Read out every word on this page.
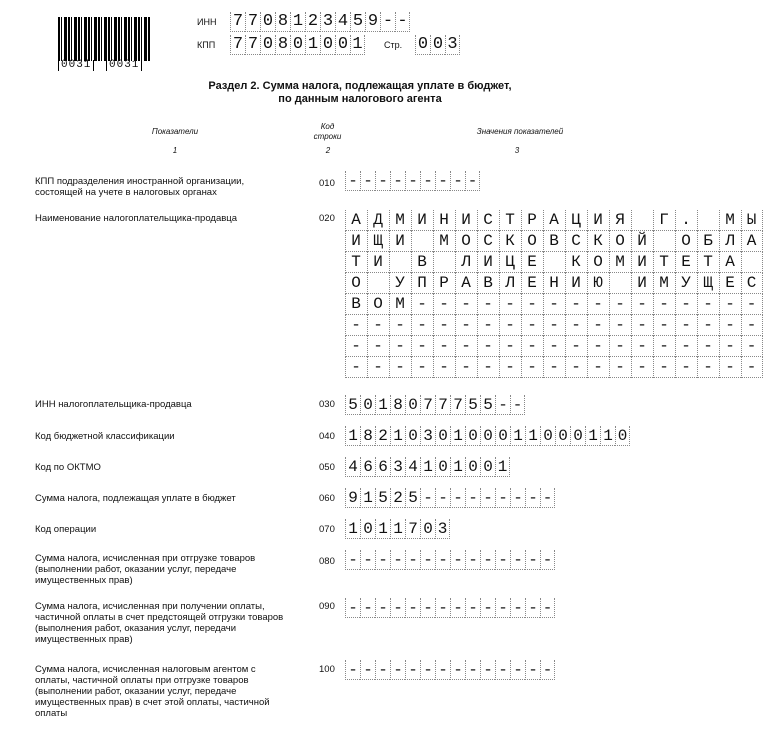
0031 0031
ИНН 7 7 0 8 1 2 3 4 5 9 - -
КПП 7 7 0 8 0 1 0 0 1 Стр. 0 0 3
Раздел 2. Сумма налога, подлежащая уплате в бюджет,
по данным налогового агента
Показатели
Код
строки
Значения показателей
1	2	3
КПП подразделения иностранной организации, состоящей на учете в налоговых органах
010 - - - - - - - - -
Наименование налогоплательщика-продавца	020	А Д М И Н И С Т Р А Ц И Я	Г .	М Ы
И Щ И	М О С К О В С К О Й	О Б Л А
Т И	В	Л И Ц Е	К О М И Т Е Т А
О	У П Р А В Л Е Н И Ю	И М У Щ Е С
В О М - - - - - - - - - - - - - - - -
- - - - - - - - - - - - - - - - - - -
- - - - - - - - - - - - - - - - - - -
- - - - - - - - - - - - - - - - - - -
ИНН налогоплательщика-продавца	030 5 0 1 8 0 7 7 7 5 5 - -
Код бюджетной классификации	040 1 8 2 1 0 3 0 1 0 0 0 1 1 0 0 0 1 1 0
Код по ОКТМО	050 4 6 6 3 4 1 0 1 0 0 1
Сумма налога, подлежащая уплате в бюджет	060 9 1 5 2 5 - - - - - - - - -
Код операции	070 1 0 1 1 7 0 3
Сумма налога, исчисленная при отгрузке товаров (выполнении работ, оказании услуг, передаче имущественных прав)
080 - - - - - - - - - - - - - -
Сумма налога, исчисленная при получении оплаты, частичной оплаты в счет предстоящей отгрузки товаров (выполнения работ, оказания услуг, передачи имущественных прав)
090 - - - - - - - - - - - - - -
Сумма налога, исчисленная налоговым агентом с оплаты, частичной оплаты при отгрузке товаров (выполнении работ, оказании услуг, передаче имущественных прав) в счет этой оплаты, частичной оплаты
100 - - - - - - - - - - - - - -
